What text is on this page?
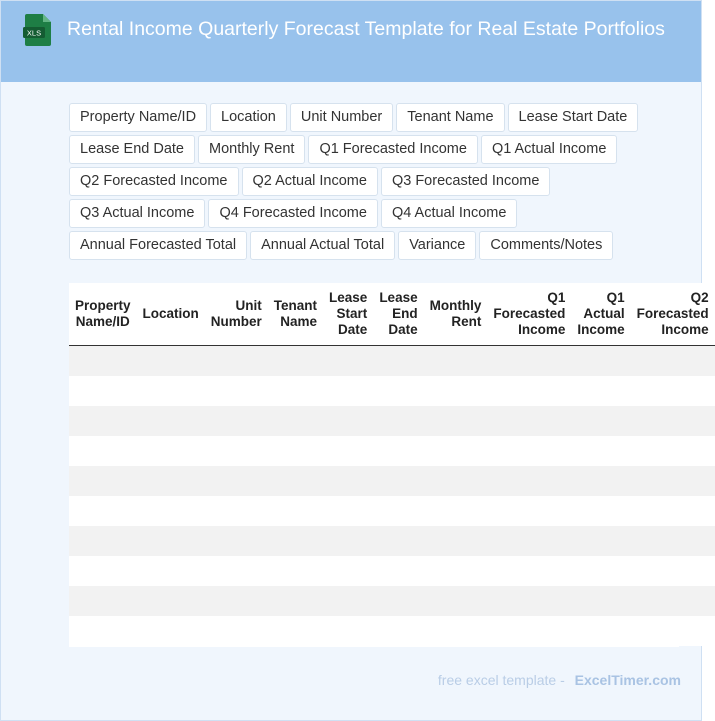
XLS	Rental Income Quarterly Forecast Template for Real Estate Portfolios
Property Name/ID	Location	Unit Number	Tenant Name	Lease Start Date
Lease End Date	Monthly Rent	Q1 Forecasted Income	Q1 Actual Income
Q2 Forecasted Income	Q2 Actual Income	Q3 Forecasted Income
Q3 Actual Income	Q4 Forecasted Income	Q4 Actual Income
Annual Forecasted Total	Annual Actual Total	Variance	Comments/Notes
Property Name/ID	Location	Unit Number	Tenant Name	Lease Start Date	Lease End Date	Monthly Rent	Q1 Forecasted Income	Q1 Actual Income	Q2 Forecasted Income

free excel template - ExcelTimer.com
